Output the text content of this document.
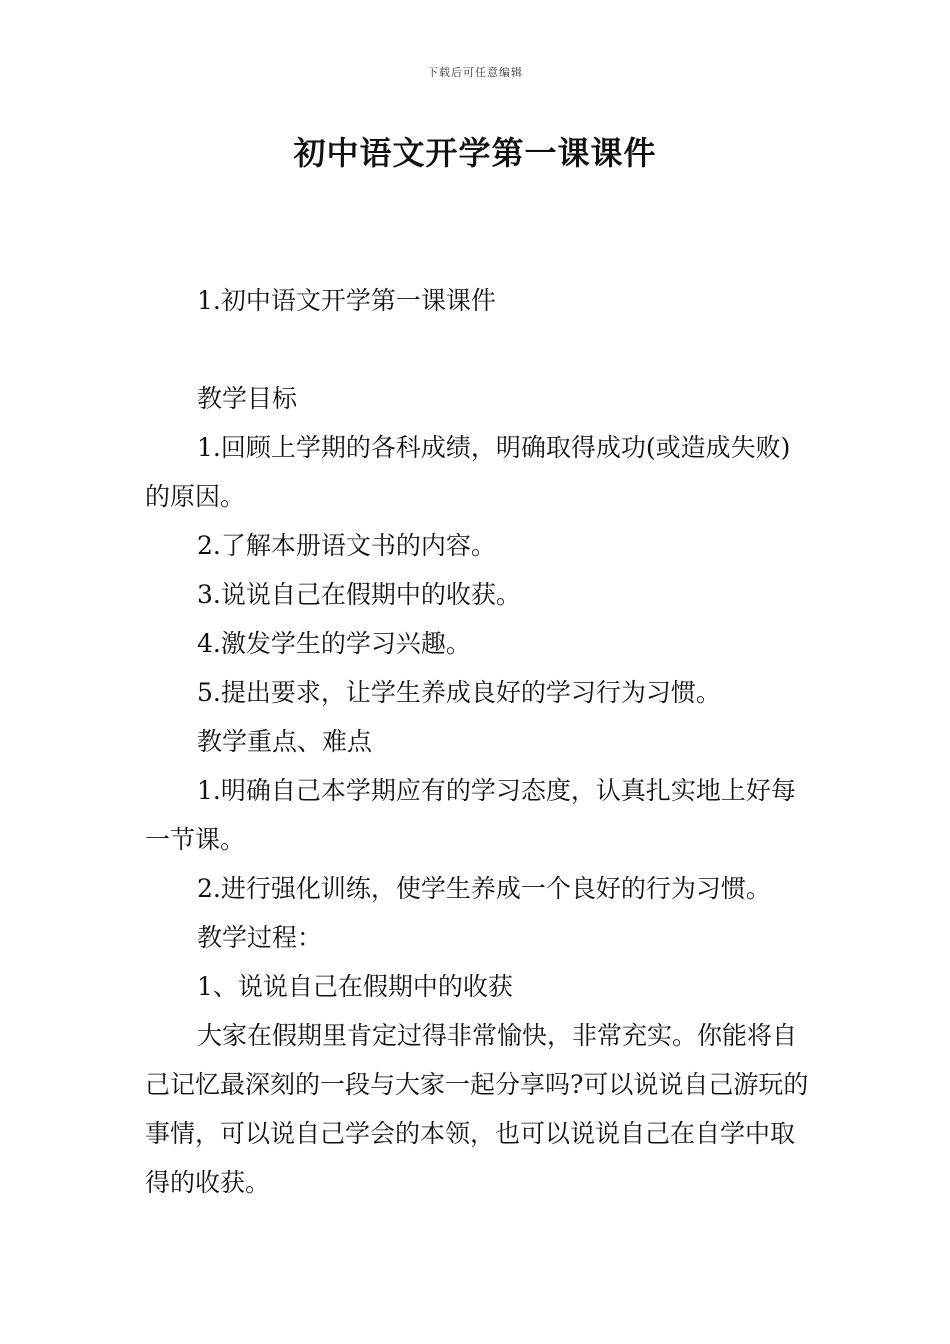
下载后可任意编辑
初中语文开学第一课课件

1.初中语文开学第一课课件

教学目标

1.回顾上学期的各科成绩，明确取得成功(或造成失败)的原因。

2.了解本册语文书的内容。

3.说说自己在假期中的收获。

4.激发学生的学习兴趣。

5.提出要求，让学生养成良好的学习行为习惯。

教学重点、难点

1.明确自己本学期应有的学习态度，认真扎实地上好每一节课。

2.进行强化训练，使学生养成一个良好的行为习惯。

教学过程：

1、说说自己在假期中的收获

大家在假期里肯定过得非常愉快，非常充实。你能将自己记忆最深刻的一段与大家一起分享吗?可以说说自己游玩的事情，可以说自己学会的本领，也可以说说自己在自学中取得的收获。
